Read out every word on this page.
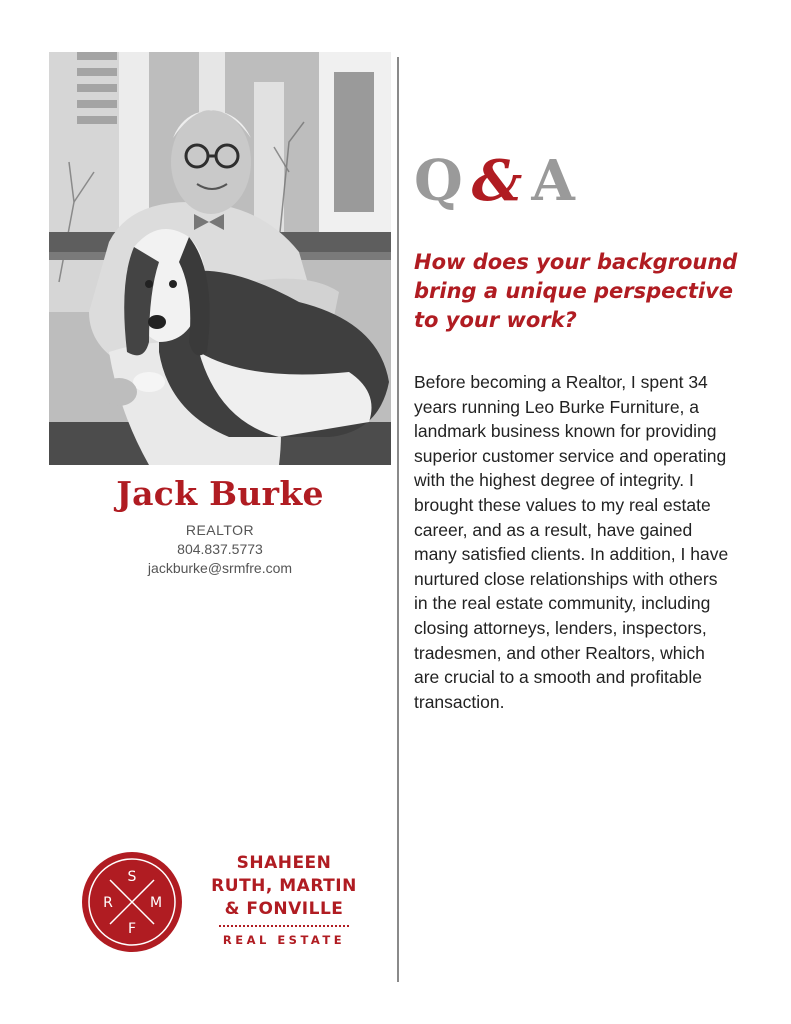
Jack Burke
REALTOR
804.837.5773
jackburke@srmfre.com
Q & A
How does your background bring a unique perspective to your work?
Before becoming a Realtor, I spent 34 years running Leo Burke Furniture, a landmark business known for providing superior customer service and operating with the highest degree of integrity. I brought these values to my real estate career, and as a result, have gained many satisfied clients. In addition, I have nurtured close relationships with others in the real estate community, including closing attorneys, lenders, inspectors, tradesmen, and other Realtors, which are crucial to a smooth and profitable transaction.
S
R	M
F
SHAHEEN
RUTH, MARTIN
& FONVILLE
REAL ESTATE
